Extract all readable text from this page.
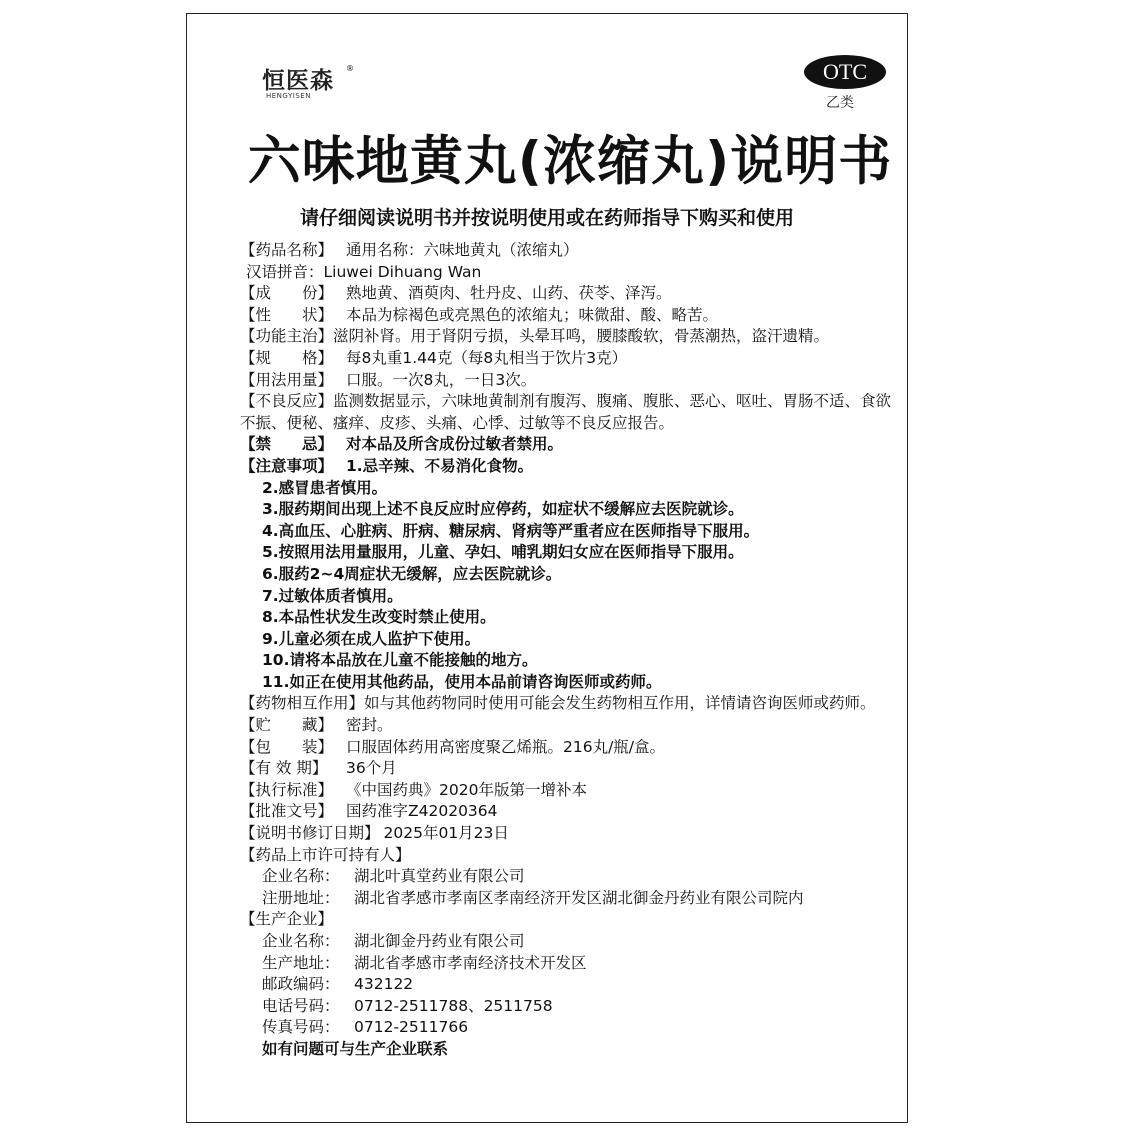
恒医森 ®
HENGYISEN
OTC
乙类
六味地黄丸(浓缩丸)说明书
请仔细阅读说明书并按说明使用或在药师指导下购买和使用
【药品名称】 通用名称：六味地黄丸（浓缩丸）
汉语拼音：Liuwei Dihuang Wan
【成　　份】 熟地黄、酒萸肉、牡丹皮、山药、茯苓、泽泻。
【性　　状】 本品为棕褐色或亮黑色的浓缩丸；味微甜、酸、略苦。
【功能主治】滋阴补肾。用于肾阴亏损，头晕耳鸣，腰膝酸软，骨蒸潮热，盗汗遗精。
【规　　格】 每8丸重1.44克（每8丸相当于饮片3克）
【用法用量】 口服。一次8丸，一日3次。
【不良反应】监测数据显示，六味地黄制剂有腹泻、腹痛、腹胀、恶心、呕吐、胃肠不适、食欲不振、便秘、瘙痒、皮疹、头痛、心悸、过敏等不良反应报告。
【禁　　忌】 对本品及所含成份过敏者禁用。
【注意事项】 1.忌辛辣、不易消化食物。
2.感冒患者慎用。
3.服药期间出现上述不良反应时应停药，如症状不缓解应去医院就诊。
4.高血压、心脏病、肝病、糖尿病、肾病等严重者应在医师指导下服用。
5.按照用法用量服用，儿童、孕妇、哺乳期妇女应在医师指导下服用。
6.服药2~4周症状无缓解，应去医院就诊。
7.过敏体质者慎用。
8.本品性状发生改变时禁止使用。
9.儿童必须在成人监护下使用。
10.请将本品放在儿童不能接触的地方。
11.如正在使用其他药品，使用本品前请咨询医师或药师。
【药物相互作用】如与其他药物同时使用可能会发生药物相互作用，详情请咨询医师或药师。
【贮　　藏】 密封。
【包　　装】 口服固体药用高密度聚乙烯瓶。216丸/瓶/盒。
【有 效 期】	36个月
【执行标准】 《中国药典》2020年版第一增补本
【批准文号】 国药准字Z42020364
【说明书修订日期】 2025年01月23日
【药品上市许可持有人】
企业名称： 湖北叶真堂药业有限公司
注册地址： 湖北省孝感市孝南区孝南经济开发区湖北御金丹药业有限公司院内
【生产企业】
企业名称： 湖北御金丹药业有限公司
生产地址： 湖北省孝感市孝南经济技术开发区
邮政编码： 432122
电话号码： 0712-2511788、2511758
传真号码： 0712-2511766
如有问题可与生产企业联系
